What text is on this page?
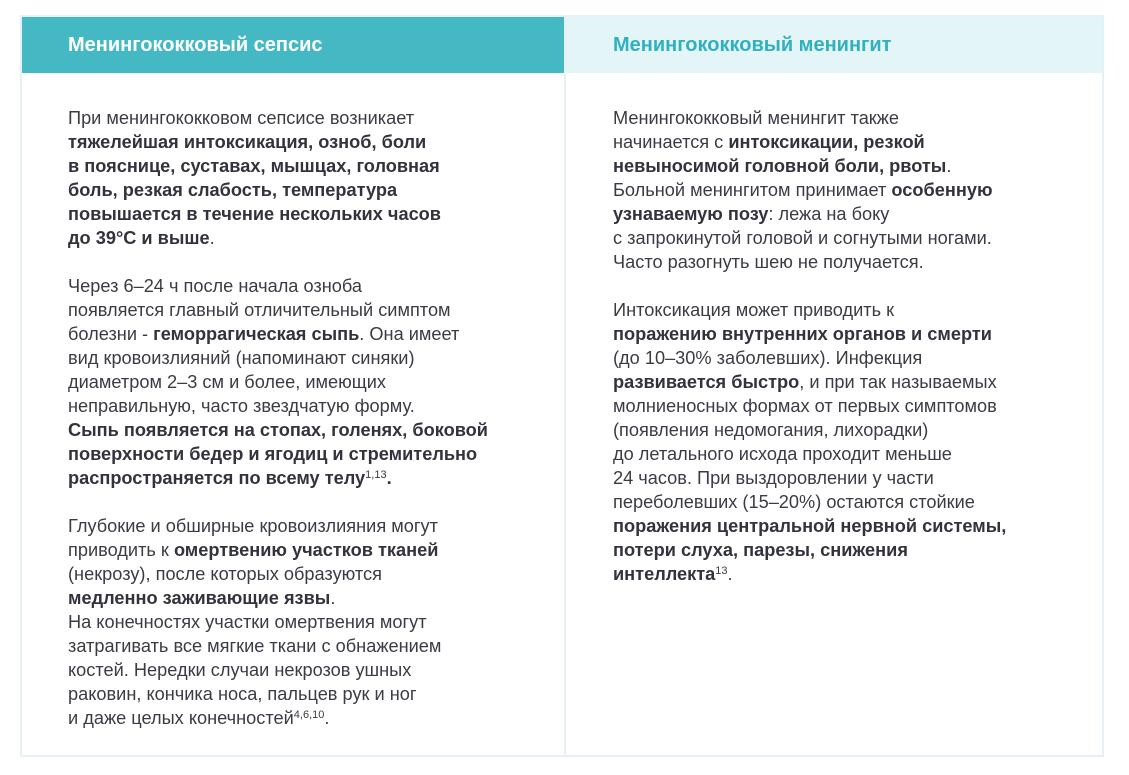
Менингококковый сепсис

При менингококковом сепсисе возникает
тяжелейшая интоксикация, озноб, боли
в пояснице, суставах, мышцах, головная
боль, резкая слабость, температура
повышается в течение нескольких часов
до 39°C и выше.

Через 6–24 ч после начала озноба
появляется главный отличительный симптом
болезни - геморрагическая сыпь. Она имеет
вид кровоизлияний (напоминают синяки)
диаметром 2–3 см и более, имеющих
неправильную, часто звездчатую форму.
Сыпь появляется на стопах, голенях, боковой
поверхности бедер и ягодиц и стремительно
распространяется по всему телу$^{1,13}$.

Глубокие и обширные кровоизлияния могут
приводить к омертвению участков тканей
(некрозу), после которых образуются
медленно заживающие язвы.
На конечностях участки омертвения могут
затрагивать все мягкие ткани с обнажением
костей. Нередки случаи некрозов ушных
раковин, кончика носа, пальцев рук и ног
и даже целых конечностей$^{4,6,10}$.

Менингококковый менингит

Менингококковый менингит также
начинается с интоксикации, резкой
невыносимой головной боли, рвоты.
Больной менингитом принимает особенную
узнаваемую позу: лежа на боку
с запрокинутой головой и согнутыми ногами.
Часто разогнуть шею не получается.

Интоксикация может приводить к
поражению внутренних органов и смерти
(до 10–30% заболевших). Инфекция
развивается быстро, и при так называемых
молниеносных формах от первых симптомов
(появления недомогания, лихорадки)
до летального исхода проходит меньше
24 часов. При выздоровлении у части
переболевших (15–20%) остаются стойкие
поражения центральной нервной системы,
потери слуха, парезы, снижения
интеллекта$^{13}$.
